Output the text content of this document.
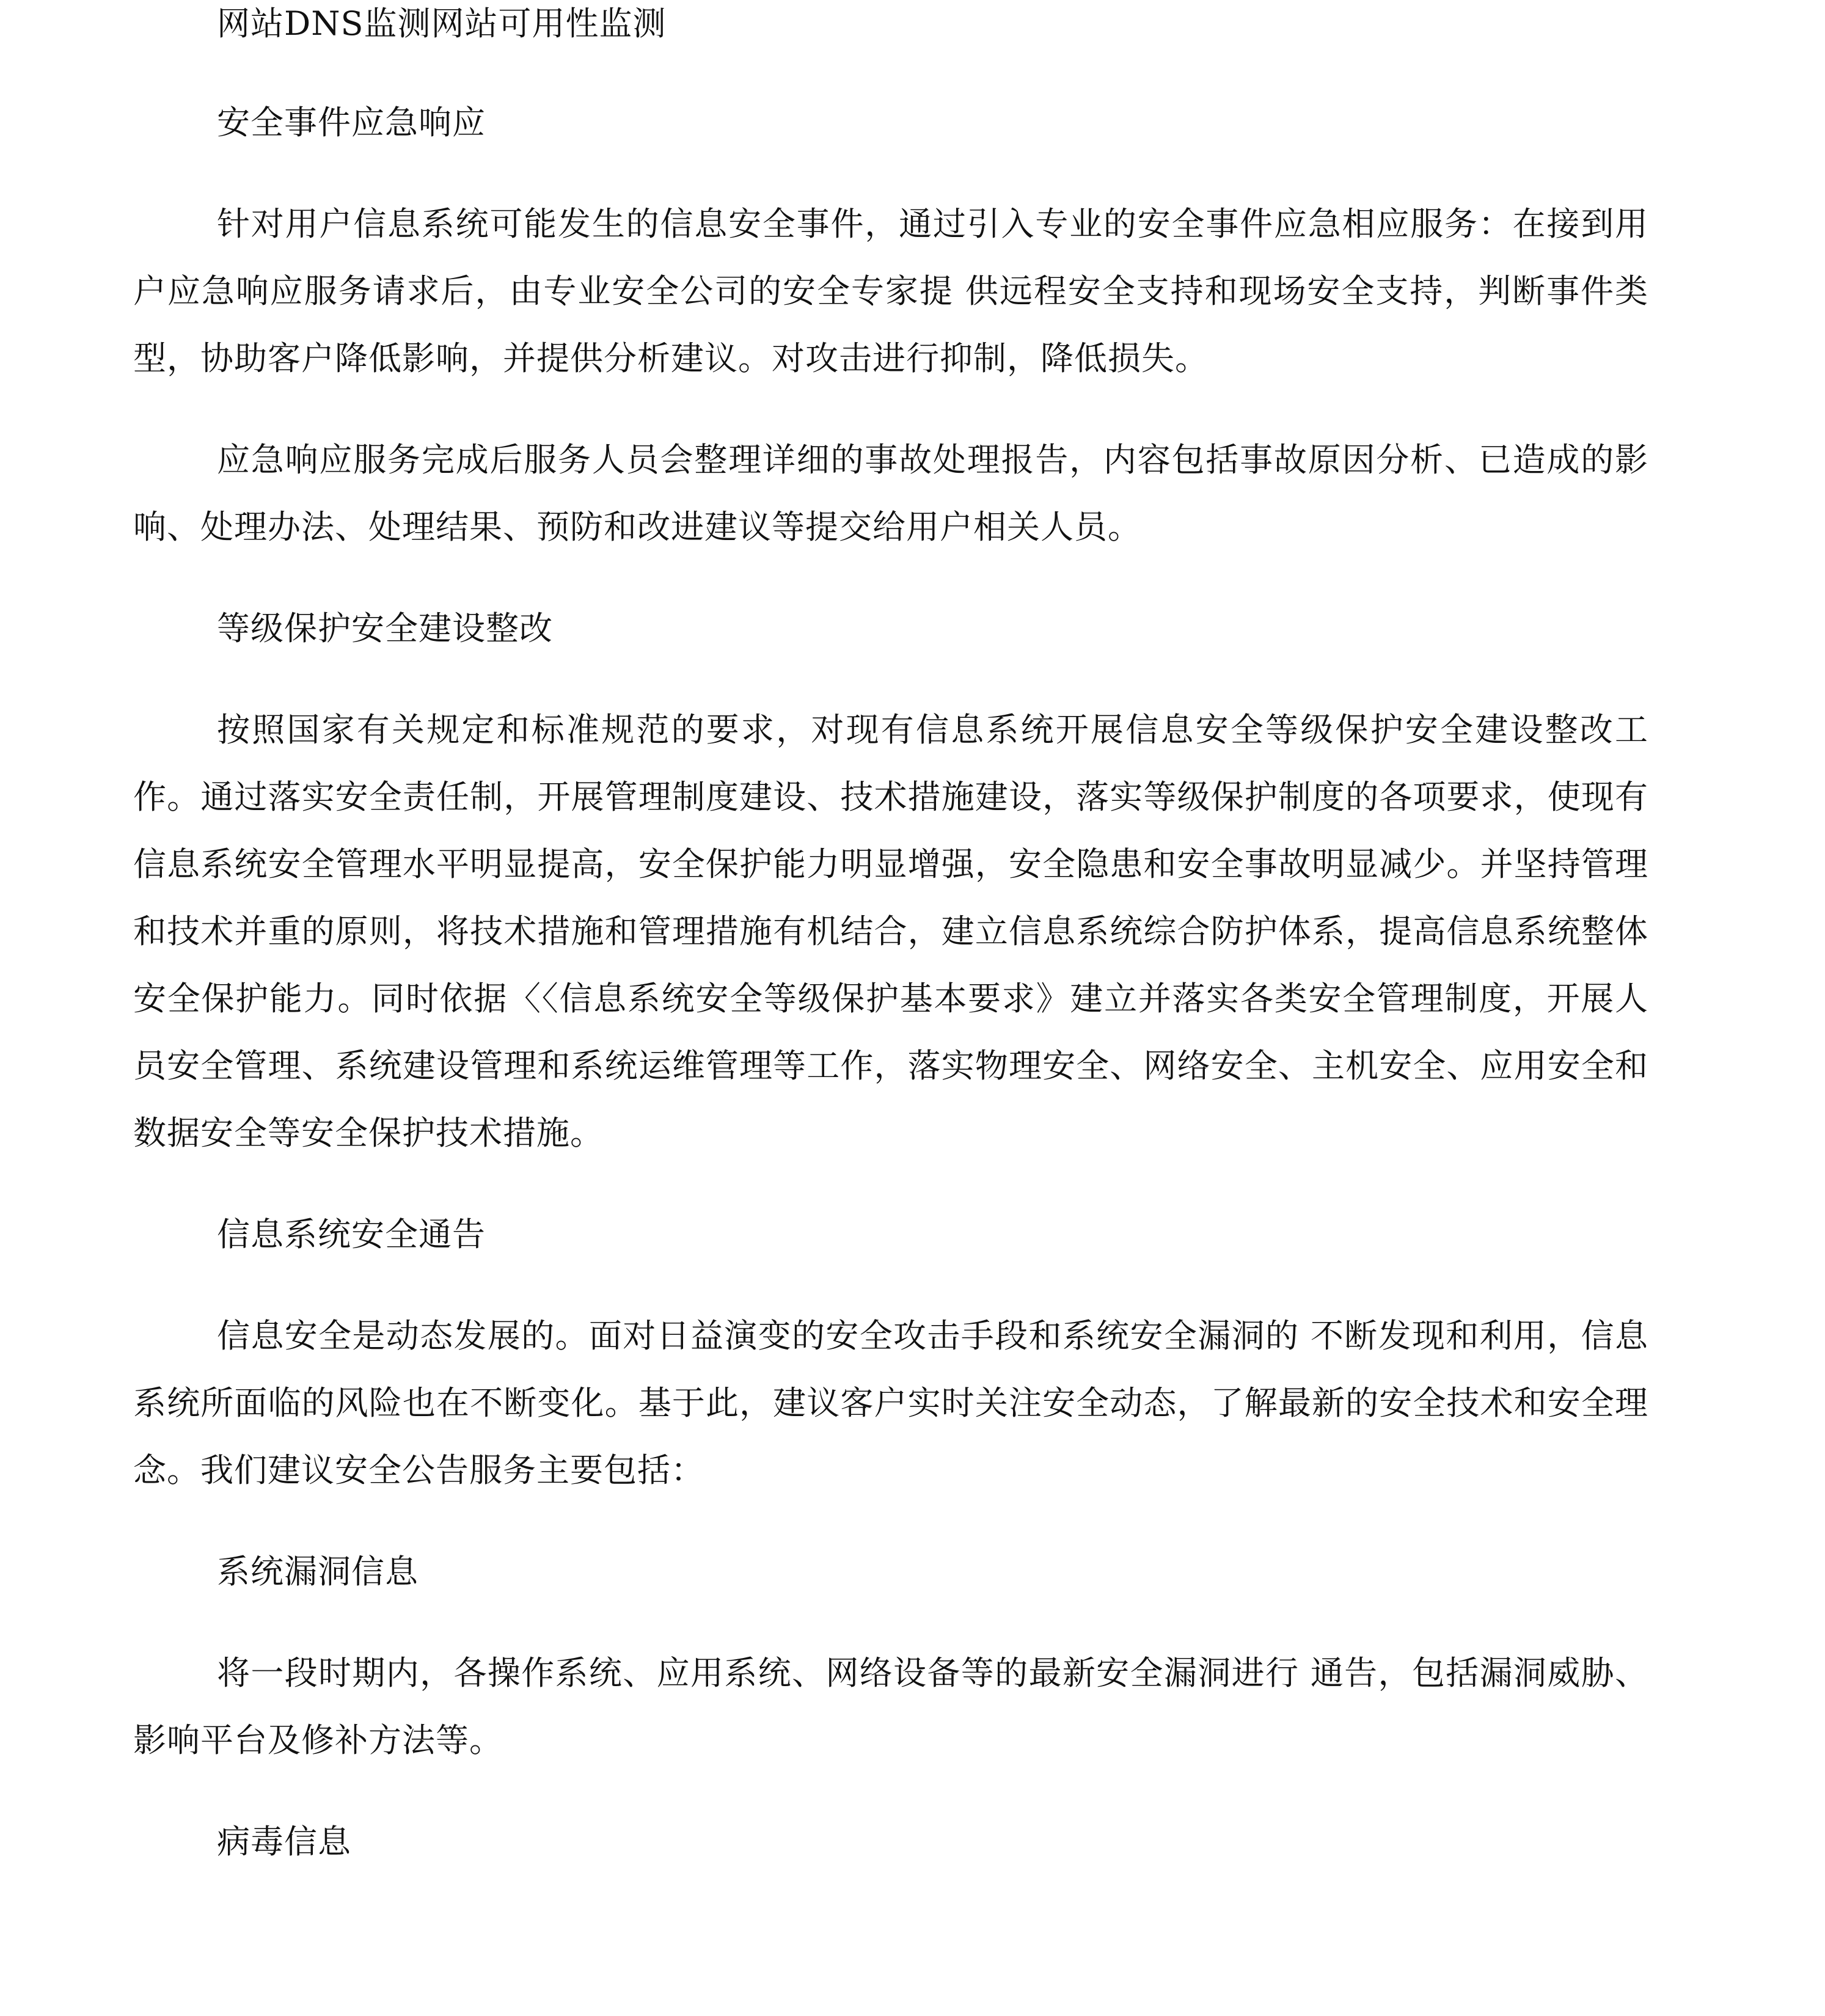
网站DNS监测网站可用性监测

安全事件应急响应

针对用户信息系统可能发生的信息安全事件，通过引入专业的安全事件应急相应服务：在接到用户应急响应服务请求后，由专业安全公司的安全专家提 供远程安全支持和现场安全支持，判断事件类型，协助客户降低影响，并提供分析建议。对攻击进行抑制，降低损失。

应急响应服务完成后服务人员会整理详细的事故处理报告，内容包括事故原因分析、已造成的影响、处理办法、处理结果、预防和改进建议等提交给用户相关人员。

等级保护安全建设整改

按照国家有关规定和标准规范的要求，对现有信息系统开展信息安全等级保护安全建设整改工作。通过落实安全责任制，开展管理制度建设、技术措施建设，落实等级保护制度的各项要求，使现有信息系统安全管理水平明显提高，安全保护能力明显增强，安全隐患和安全事故明显减少。并坚持管理和技术并重的原则，将技术措施和管理措施有机结合，建立信息系统综合防护体系，提高信息系统整体安全保护能力。同时依据〈〈信息系统安全等级保护基本要求》建立并落实各类安全管理制度，开展人员安全管理、系统建设管理和系统运维管理等工作，落实物理安全、网络安全、主机安全、应用安全和数据安全等安全保护技术措施。

信息系统安全通告

信息安全是动态发展的。面对日益演变的安全攻击手段和系统安全漏洞的 不断发现和利用，信息系统所面临的风险也在不断变化。基于此，建议客户实时关注安全动态，了解最新的安全技术和安全理念。我们建议安全公告服务主要包括：

系统漏洞信息

将一段时期内，各操作系统、应用系统、网络设备等的最新安全漏洞进行 通告，包括漏洞威胁、影响平台及修补方法等。

病毒信息
